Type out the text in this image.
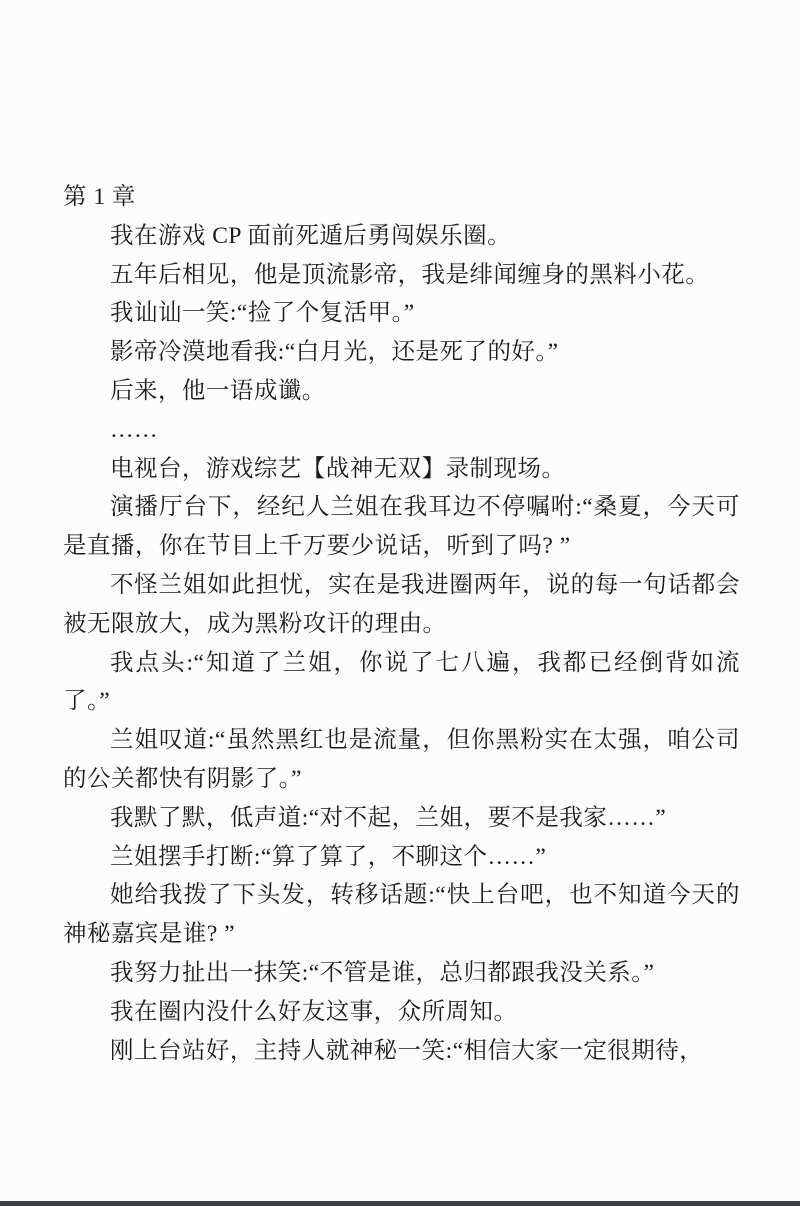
第 1 章

我在游戏 CP 面前死遁后勇闯娱乐圈。

五年后相见，他是顶流影帝，我是绯闻缠身的黑料小花。

我讪讪一笑:“捡了个复活甲。”

影帝冷漠地看我:“白月光，还是死了的好。”

后来，他一语成谶。

……

电视台，游戏综艺【战神无双】录制现场。

演播厅台下，经纪人兰姐在我耳边不停嘱咐:“桑夏，今天可是直播，你在节目上千万要少说话，听到了吗? ”

不怪兰姐如此担忧，实在是我进圈两年，说的每一句话都会被无限放大，成为黑粉攻讦的理由。

我点头:“知道了兰姐，你说了七八遍，我都已经倒背如流了。”

兰姐叹道:“虽然黑红也是流量，但你黑粉实在太强，咱公司的公关都快有阴影了。”

我默了默，低声道:“对不起，兰姐，要不是我家……”

兰姐摆手打断:“算了算了，不聊这个……”

她给我拨了下头发，转移话题:“快上台吧，也不知道今天的神秘嘉宾是谁? ”

我努力扯出一抹笑:“不管是谁，总归都跟我没关系。”

我在圈内没什么好友这事，众所周知。

刚上台站好，主持人就神秘一笑:“相信大家一定很期待，
